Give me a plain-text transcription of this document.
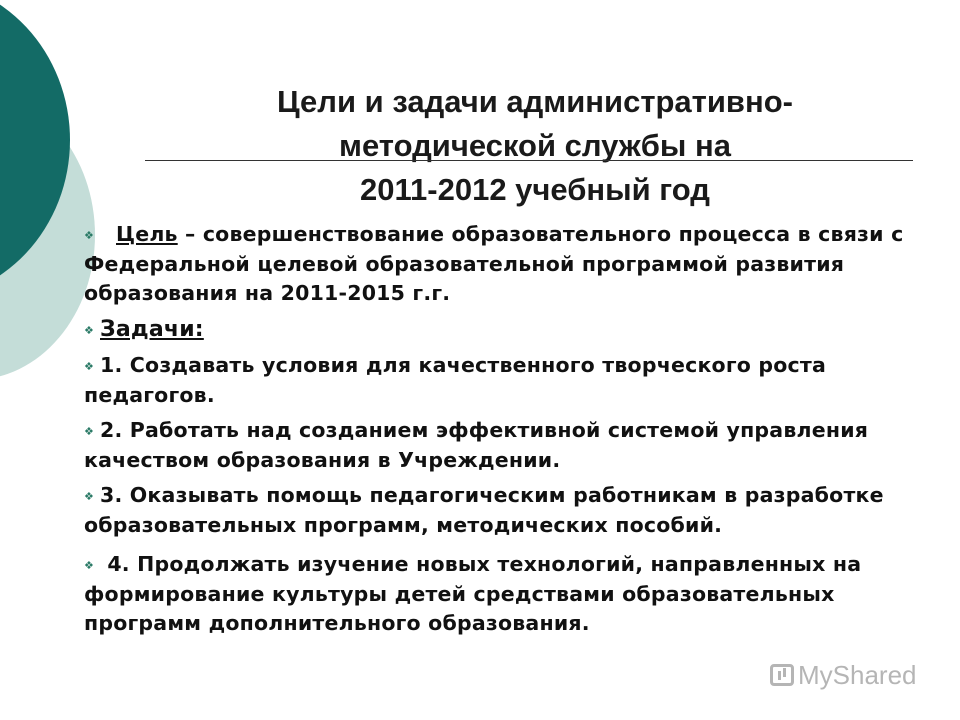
Цели и задачи административно-
методической службы на
2011-2012 учебный год

❖ Цель – совершенствование образовательного процесса в связи с Федеральной целевой образовательной программой развития образования на 2011-2015 г.г.

❖ Задачи:

❖ 1. Создавать условия для качественного творческого роста педагогов.

❖ 2. Работать над созданием эффективной системой управления качеством образования в Учреждении.

❖ 3. Оказывать помощь педагогическим работникам в разработке образовательных программ, методических пособий.

❖ 4. Продолжать изучение новых технологий, направленных на формирование культуры детей средствами образовательных программ дополнительного образования.

MyShared
